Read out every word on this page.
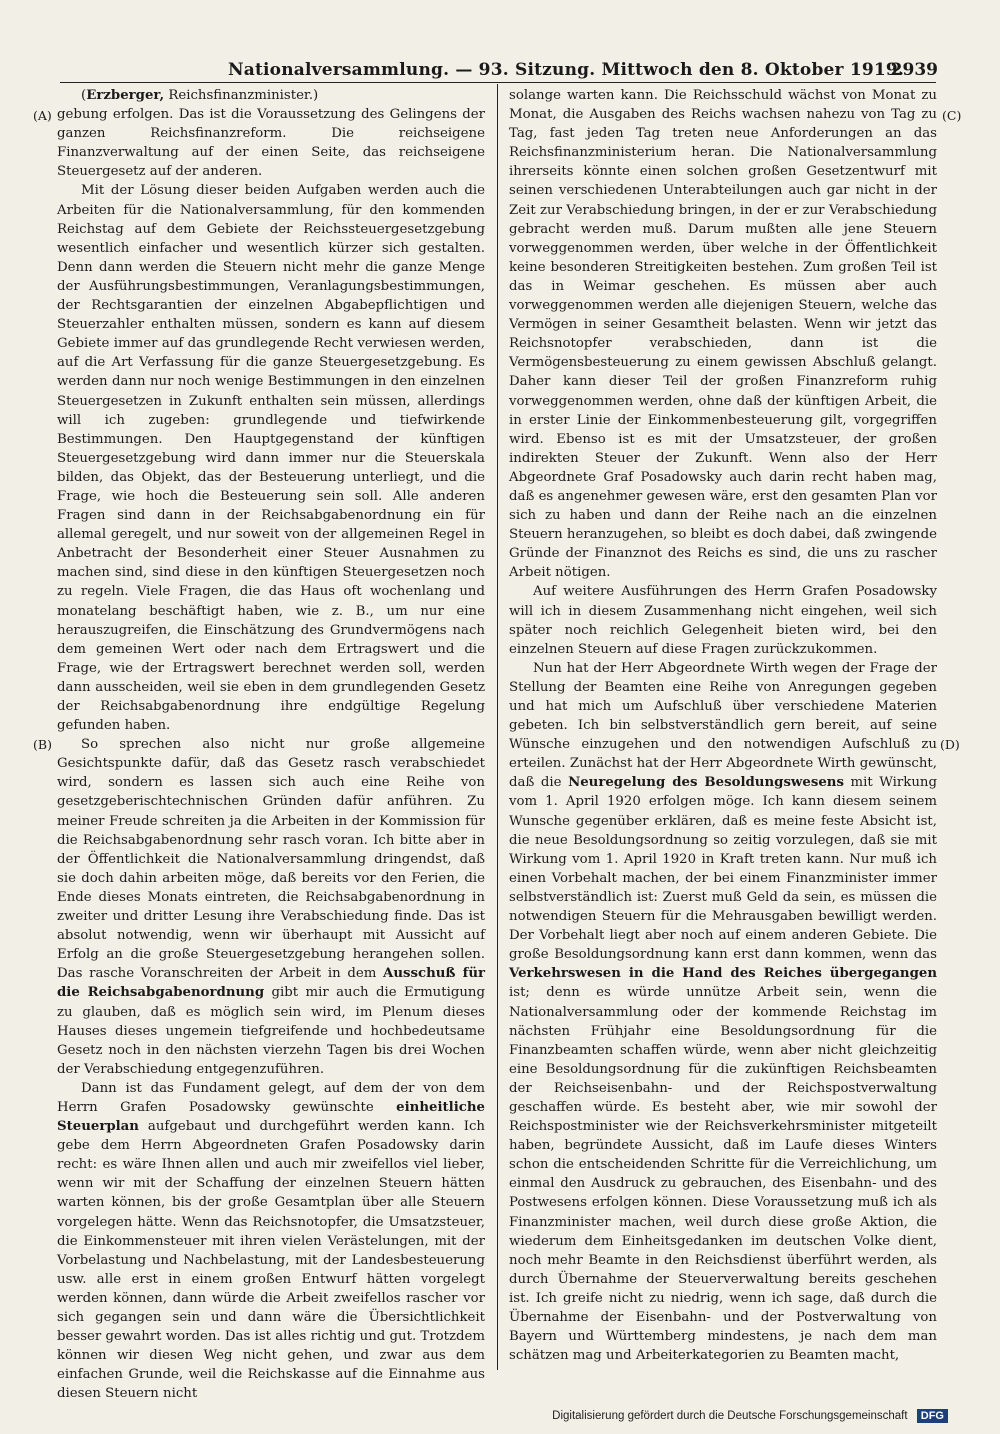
Nationalversammlung. — 93. Sitzung. Mittwoch den 8. Oktober 1919.
2939
(A)
(B)
(C)
(D)

(Erzberger, Reichsfinanzminister.)

gebung erfolgen. Das ist die Voraussetzung des Gelingens der ganzen Reichsfinanzreform. Die reichseigene Finanzverwaltung auf der einen Seite, das reichseigene Steuergesetz auf der anderen.

Mit der Lösung dieser beiden Aufgaben werden auch die Arbeiten für die Nationalversammlung, für den kommenden Reichstag auf dem Gebiete der Reichssteuergesetzgebung wesentlich einfacher und wesentlich kürzer sich gestalten. Denn dann werden die Steuern nicht mehr die ganze Menge der Ausführungsbestimmungen, Veranlagungsbestimmungen, der Rechtsgarantien der einzelnen Abgabepflichtigen und Steuerzahler enthalten müssen, sondern es kann auf diesem Gebiete immer auf das grundlegende Recht verwiesen werden, auf die Art Verfassung für die ganze Steuergesetzgebung. Es werden dann nur noch wenige Bestimmungen in den einzelnen Steuergesetzen in Zukunft enthalten sein müssen, allerdings will ich zugeben: grundlegende und tiefwirkende Bestimmungen. Den Hauptgegenstand der künftigen Steuergesetzgebung wird dann immer nur die Steuerskala bilden, das Objekt, das der Besteuerung unterliegt, und die Frage, wie hoch die Besteuerung sein soll. Alle anderen Fragen sind dann in der Reichsabgabenordnung ein für allemal geregelt, und nur soweit von der allgemeinen Regel in Anbetracht der Besonderheit einer Steuer Ausnahmen zu machen sind, sind diese in den künftigen Steuergesetzen noch zu regeln. Viele Fragen, die das Haus oft wochenlang und monatelang beschäftigt haben, wie z. B., um nur eine herauszugreifen, die Einschätzung des Grundvermögens nach dem gemeinen Wert oder nach dem Ertragswert und die Frage, wie der Ertragswert berechnet werden soll, werden dann ausscheiden, weil sie eben in dem grundlegenden Gesetz der Reichsabgabenordnung ihre endgültige Regelung gefunden haben.

So sprechen also nicht nur große allgemeine Gesichtspunkte dafür, daß das Gesetz rasch verabschiedet wird, sondern es lassen sich auch eine Reihe von gesetzgeberischtechnischen Gründen dafür anführen. Zu meiner Freude schreiten ja die Arbeiten in der Kommission für die Reichsabgabenordnung sehr rasch voran. Ich bitte aber in der Öffentlichkeit die Nationalversammlung dringendst, daß sie doch dahin arbeiten möge, daß bereits vor den Ferien, die Ende dieses Monats eintreten, die Reichsabgabenordnung in zweiter und dritter Lesung ihre Verabschiedung finde. Das ist absolut notwendig, wenn wir überhaupt mit Aussicht auf Erfolg an die große Steuergesetzgebung herangehen sollen. Das rasche Voranschreiten der Arbeit in dem Ausschuß für die Reichsabgabenordnung gibt mir auch die Ermutigung zu glauben, daß es möglich sein wird, im Plenum dieses Hauses dieses ungemein tiefgreifende und hochbedeutsame Gesetz noch in den nächsten vierzehn Tagen bis drei Wochen der Verabschiedung entgegenzuführen.

Dann ist das Fundament gelegt, auf dem der von dem Herrn Grafen Posadowsky gewünschte einheitliche Steuerplan aufgebaut und durchgeführt werden kann. Ich gebe dem Herrn Abgeordneten Grafen Posadowsky darin recht: es wäre Ihnen allen und auch mir zweifellos viel lieber, wenn wir mit der Schaffung der einzelnen Steuern hätten warten können, bis der große Gesamtplan über alle Steuern vorgelegen hätte. Wenn das Reichsnotopfer, die Umsatzsteuer, die Einkommensteuer mit ihren vielen Verästelungen, mit der Vorbelastung und Nachbelastung, mit der Landesbesteuerung usw. alle erst in einem großen Entwurf hätten vorgelegt werden können, dann würde die Arbeit zweifellos rascher vor sich gegangen sein und dann wäre die Übersichtlichkeit besser gewahrt worden. Das ist alles richtig und gut. Trotzdem können wir diesen Weg nicht gehen, und zwar aus dem einfachen Grunde, weil die Reichskasse auf die Einnahme aus diesen Steuern nicht

solange warten kann. Die Reichsschuld wächst von Monat zu Monat, die Ausgaben des Reichs wachsen nahezu von Tag zu Tag, fast jeden Tag treten neue Anforderungen an das Reichsfinanzministerium heran. Die Nationalversammlung ihrerseits könnte einen solchen großen Gesetzentwurf mit seinen verschiedenen Unterabteilungen auch gar nicht in der Zeit zur Verabschiedung bringen, in der er zur Verabschiedung gebracht werden muß. Darum mußten alle jene Steuern vorweggenommen werden, über welche in der Öffentlichkeit keine besonderen Streitigkeiten bestehen. Zum großen Teil ist das in Weimar geschehen. Es müssen aber auch vorweggenommen werden alle diejenigen Steuern, welche das Vermögen in seiner Gesamtheit belasten. Wenn wir jetzt das Reichsnotopfer verabschieden, dann ist die Vermögensbesteuerung zu einem gewissen Abschluß gelangt. Daher kann dieser Teil der großen Finanzreform ruhig vorweggenommen werden, ohne daß der künftigen Arbeit, die in erster Linie der Einkommenbesteuerung gilt, vorgegriffen wird. Ebenso ist es mit der Umsatzsteuer, der großen indirekten Steuer der Zukunft. Wenn also der Herr Abgeordnete Graf Posadowsky auch darin recht haben mag, daß es angenehmer gewesen wäre, erst den gesamten Plan vor sich zu haben und dann der Reihe nach an die einzelnen Steuern heranzugehen, so bleibt es doch dabei, daß zwingende Gründe der Finanznot des Reichs es sind, die uns zu rascher Arbeit nötigen.

Auf weitere Ausführungen des Herrn Grafen Posadowsky will ich in diesem Zusammenhang nicht eingehen, weil sich später noch reichlich Gelegenheit bieten wird, bei den einzelnen Steuern auf diese Fragen zurückzukommen.

Nun hat der Herr Abgeordnete Wirth wegen der Frage der Stellung der Beamten eine Reihe von Anregungen gegeben und hat mich um Aufschluß über verschiedene Materien gebeten. Ich bin selbstverständlich gern bereit, auf seine Wünsche einzugehen und den notwendigen Aufschluß zu erteilen. Zunächst hat der Herr Abgeordnete Wirth gewünscht, daß die Neuregelung des Besoldungswesens mit Wirkung vom 1. April 1920 erfolgen möge. Ich kann diesem seinem Wunsche gegenüber erklären, daß es meine feste Absicht ist, die neue Besoldungsordnung so zeitig vorzulegen, daß sie mit Wirkung vom 1. April 1920 in Kraft treten kann. Nur muß ich einen Vorbehalt machen, der bei einem Finanzminister immer selbstverständlich ist: Zuerst muß Geld da sein, es müssen die notwendigen Steuern für die Mehrausgaben bewilligt werden. Der Vorbehalt liegt aber noch auf einem anderen Gebiete. Die große Besoldungsordnung kann erst dann kommen, wenn das Verkehrswesen in die Hand des Reiches übergegangen ist; denn es würde unnütze Arbeit sein, wenn die Nationalversammlung oder der kommende Reichstag im nächsten Frühjahr eine Besoldungsordnung für die Finanzbeamten schaffen würde, wenn aber nicht gleichzeitig eine Besoldungsordnung für die zukünftigen Reichsbeamten der Reichseisenbahn- und der Reichspostverwaltung geschaffen würde. Es besteht aber, wie mir sowohl der Reichspostminister wie der Reichsverkehrsminister mitgeteilt haben, begründete Aussicht, daß im Laufe dieses Winters schon die entscheidenden Schritte für die Verreichlichung, um einmal den Ausdruck zu gebrauchen, des Eisenbahn- und des Postwesens erfolgen können. Diese Voraussetzung muß ich als Finanzminister machen, weil durch diese große Aktion, die wiederum dem Einheitsgedanken im deutschen Volke dient, noch mehr Beamte in den Reichsdienst überführt werden, als durch Übernahme der Steuerverwaltung bereits geschehen ist. Ich greife nicht zu niedrig, wenn ich sage, daß durch die Übernahme der Eisenbahn- und der Postverwaltung von Bayern und Württemberg mindestens, je nach dem man schätzen mag und Arbeiterkategorien zu Beamten macht,

Digitalisierung gefördert durch die Deutsche Forschungsgemeinschaft DFG
